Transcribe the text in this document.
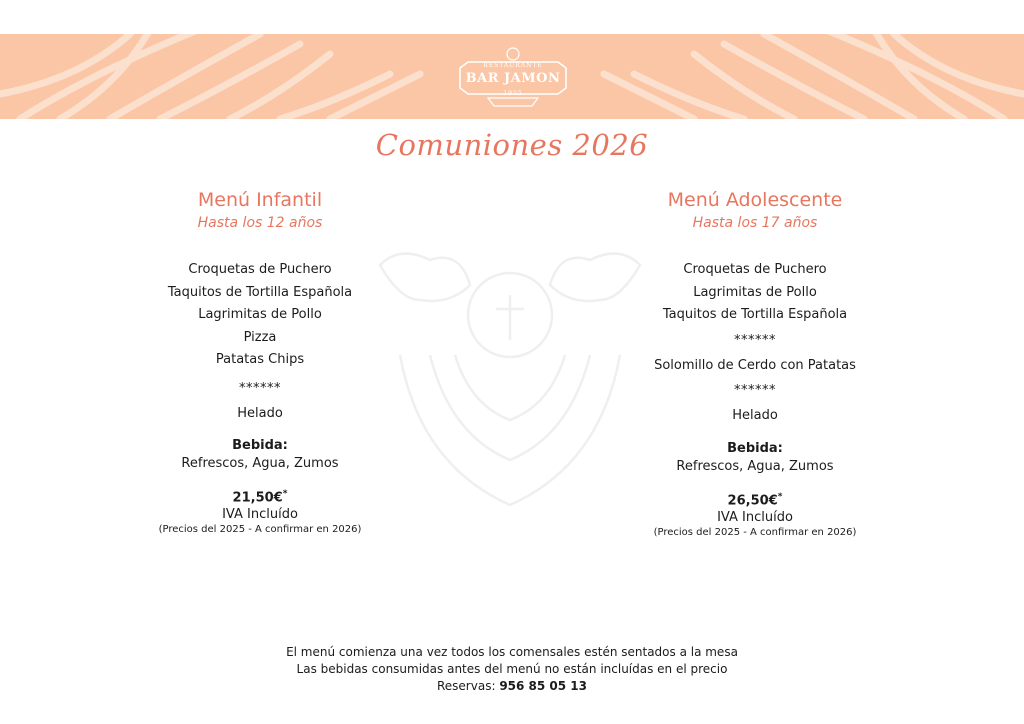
RESTAURANTE
BAR JAMON
1955
Comuniones 2026
Menú Infantil
Hasta los 12 años
Croquetas de Puchero
Taquitos de Tortilla Española
Lagrimitas de Pollo
Pizza
Patatas Chips
******
Helado
Bebida:
Refrescos, Agua, Zumos
21,50€*
IVA Incluído
(Precios del 2025 - A confirmar en 2026)
Menú Adolescente
Hasta los 17 años
Croquetas de Puchero
Lagrimitas de Pollo
Taquitos de Tortilla Española
******
Solomillo de Cerdo con Patatas
******
Helado
Bebida:
Refrescos, Agua, Zumos
26,50€*
IVA Incluído
(Precios del 2025 - A confirmar en 2026)
El menú comienza una vez todos los comensales estén sentados a la mesa
Las bebidas consumidas antes del menú no están incluídas en el precio
Reservas: 956 85 05 13
